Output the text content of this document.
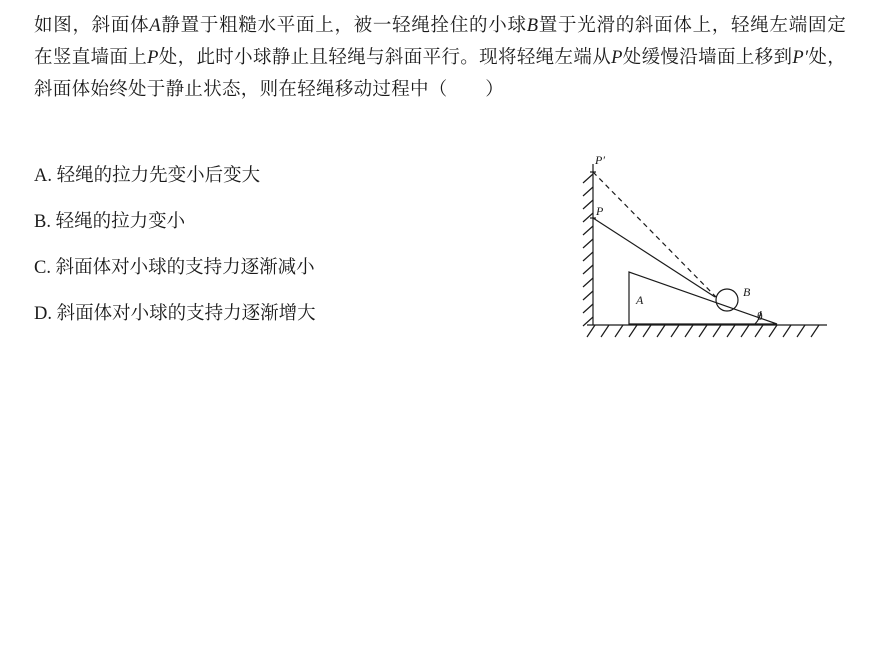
如图，斜面体A静置于粗糙水平面上，被一轻绳拴住的小球B置于光滑的斜面体上，轻绳左端固定在竖直墙面上P处，此时小球静止且轻绳与斜面平行。现将轻绳左端从P处缓慢沿墙面上移到P′处，斜面体始终处于静止状态，则在轻绳移动过程中（　　）
A. 轻绳的拉力先变小后变大
B. 轻绳的拉力变小
C. 斜面体对小球的支持力逐渐减小
D. 斜面体对小球的支持力逐渐增大
P′
P
A
B
θ
